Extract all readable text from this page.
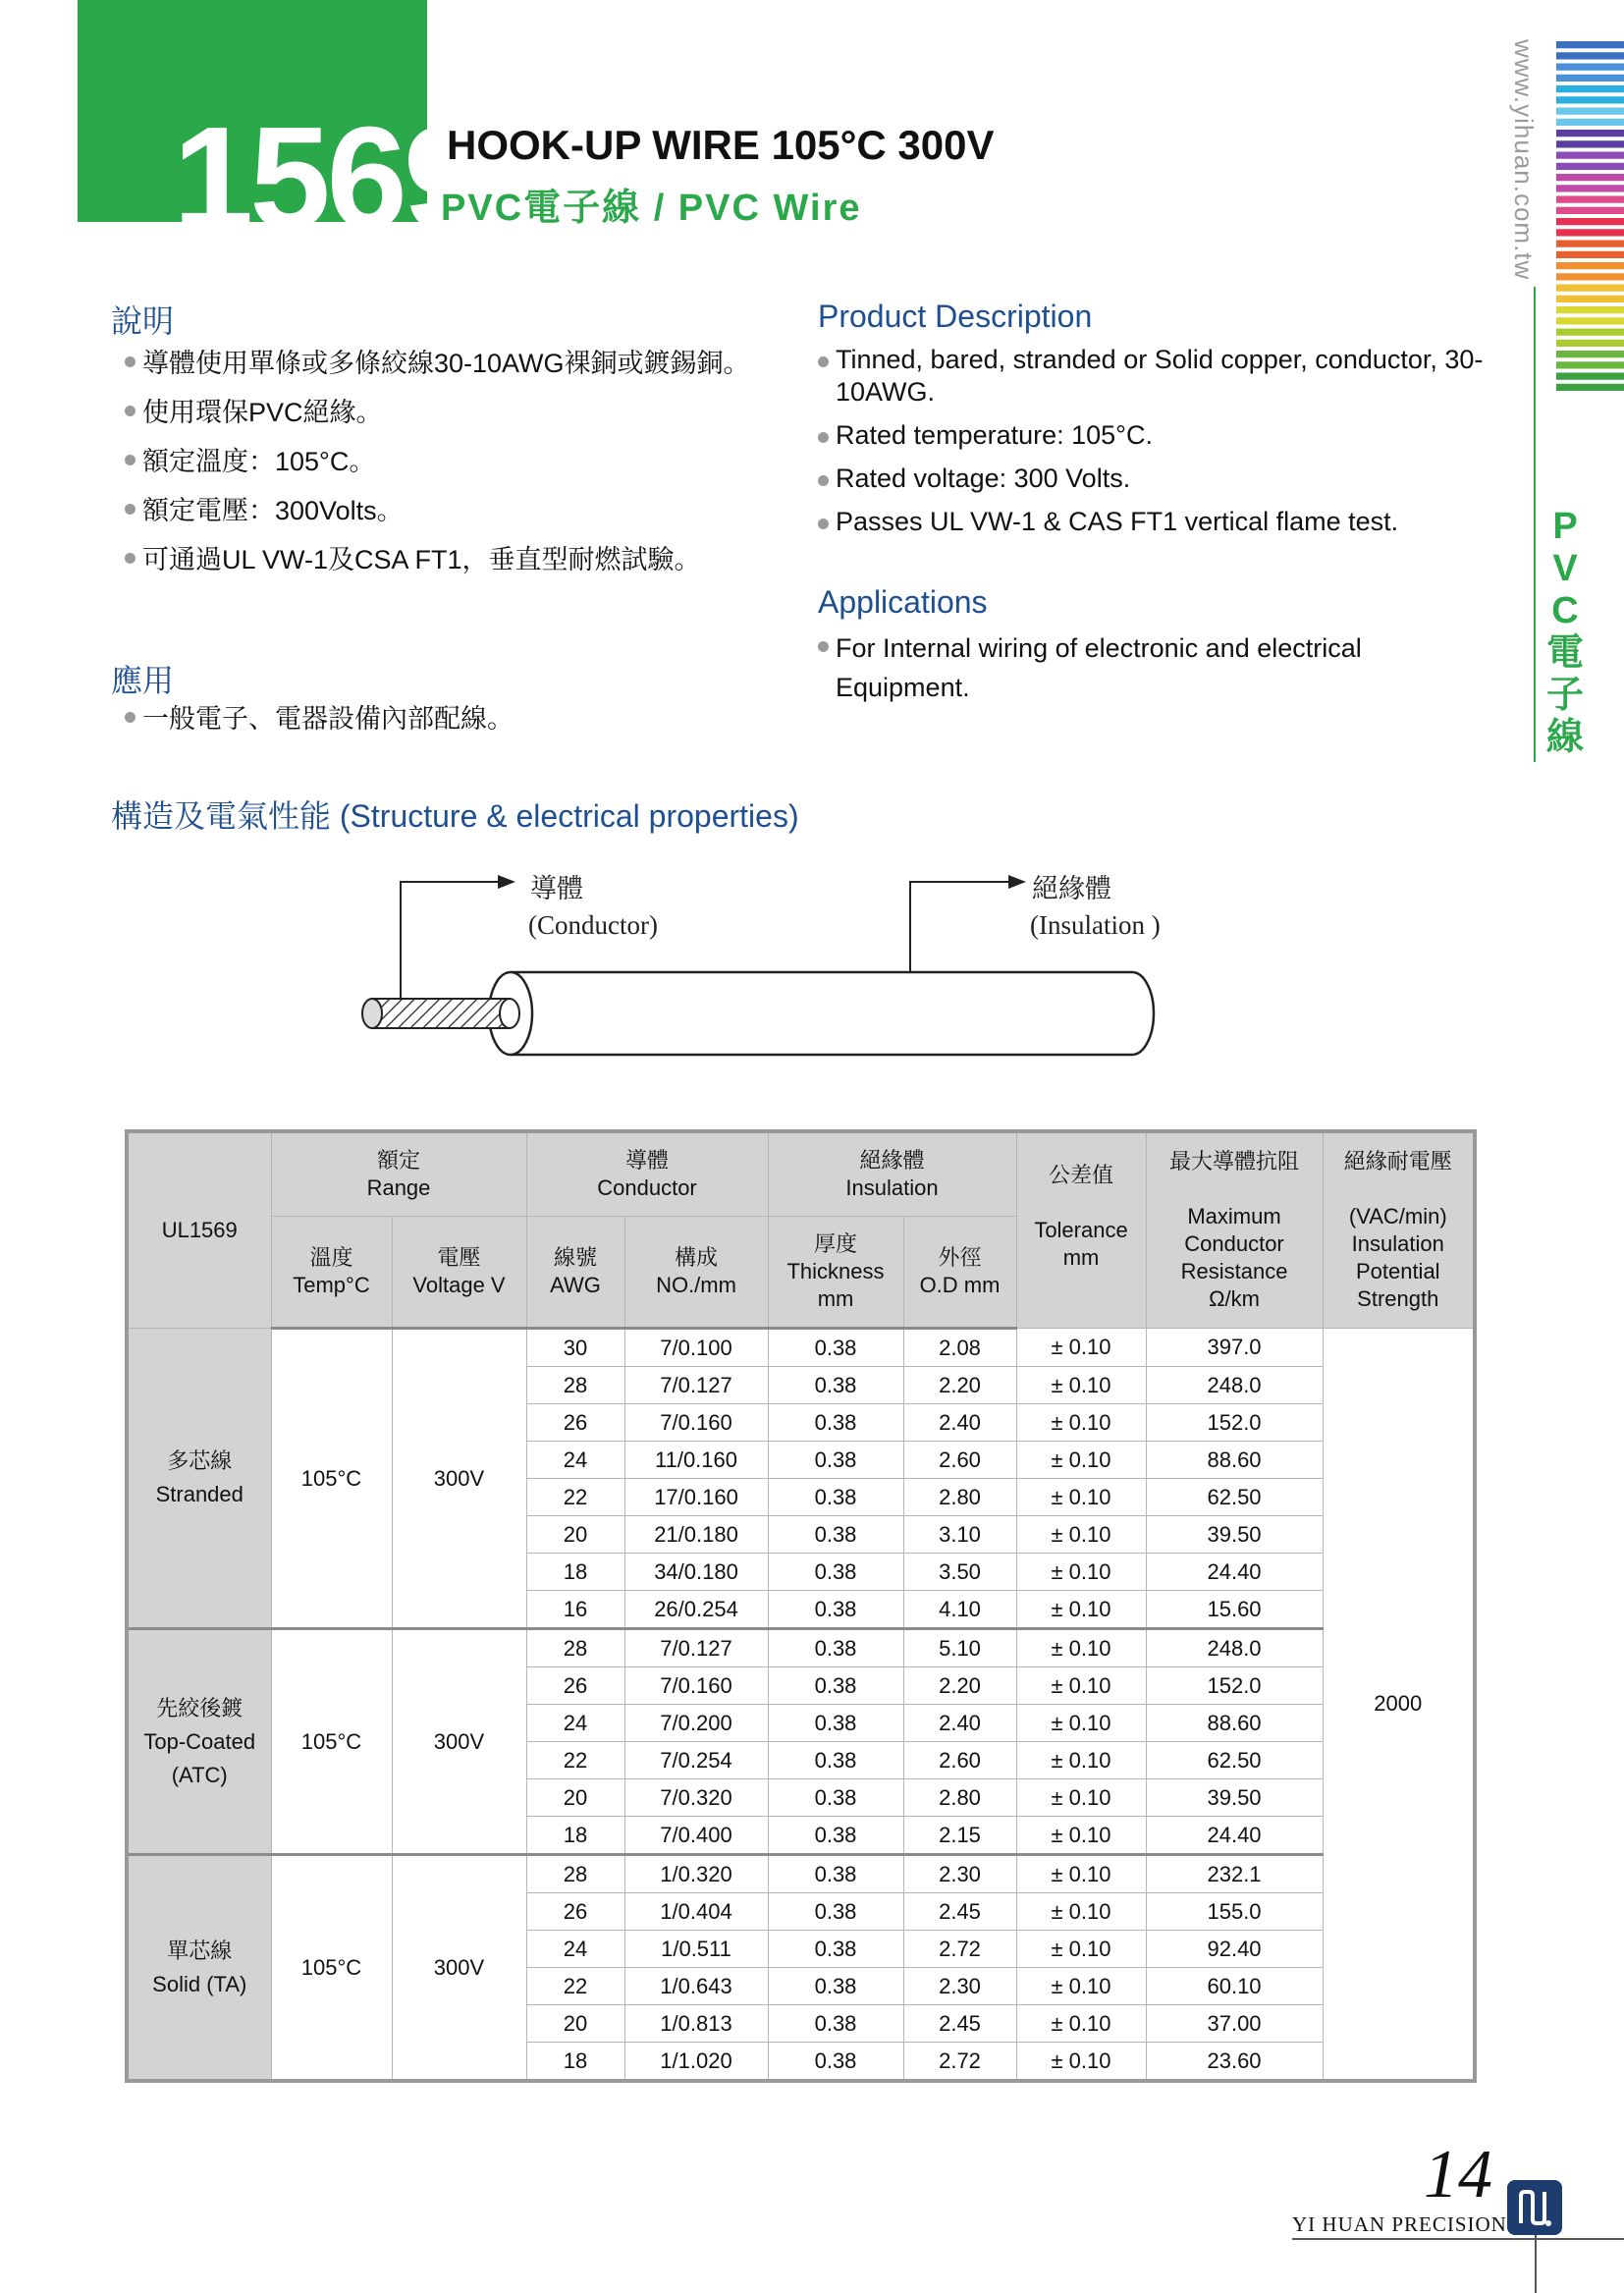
1569
HOOK-UP WIRE 105°C 300V
PVC電子線 / PVC Wire	www.yihuan.com.tw
P
V
C
電
子
線
說明
導體使用單條或多條絞線30-10AWG裸銅或鍍錫銅。
使用環保PVC絕緣。
額定溫度：105°C。
額定電壓：300Volts。
可通過UL VW-1及CSA FT1，垂直型耐燃試驗。
應用
一般電子、電器設備內部配線。
Product Description
Tinned, bared, stranded or Solid copper, conductor, 30-10AWG.
Rated temperature: 105°C.
Rated voltage: 300 Volts.
Passes UL VW-1 & CAS FT1 vertical flame test.
Applications
For Internal wiring of electronic and electrical Equipment.
構造及電氣性能 (Structure & electrical properties)
導體
(Conductor)
絕緣體
(Insulation )
UL1569	額定
Range		導體
Conductor		絕緣體
Insulation		公差值

Tolerance
mm	最大導體抗阻

Maximum
Conductor
Resistance
Ω/km	絕緣耐電壓

(VAC/min)
Insulation
Potential
Strength
	溫度
Temp°C	電壓
Voltage V	線號
AWG	構成
NO./mm	厚度
Thickness
mm	外徑
O.D mm			
多芯線
Stranded	105°C	300V	30	7/0.100	0.38	2.08	± 0.10	397.0	2000
			28	7/0.127	0.38	2.20	± 0.10	248.0	
			26	7/0.160	0.38	2.40	± 0.10	152.0	
			24	11/0.160	0.38	2.60	± 0.10	88.60	
			22	17/0.160	0.38	2.80	± 0.10	62.50	
			20	21/0.180	0.38	3.10	± 0.10	39.50	
			18	34/0.180	0.38	3.50	± 0.10	24.40	
			16	26/0.254	0.38	4.10	± 0.10	15.60	
先絞後鍍
Top-Coated
(ATC)	105°C	300V	28	7/0.127	0.38	5.10	± 0.10	248.0	
			26	7/0.160	0.38	2.20	± 0.10	152.0	
			24	7/0.200	0.38	2.40	± 0.10	88.60	
			22	7/0.254	0.38	2.60	± 0.10	62.50	
			20	7/0.320	0.38	2.80	± 0.10	39.50	
			18	7/0.400	0.38	2.15	± 0.10	24.40	
單芯線
Solid (TA)	105°C	300V	28	1/0.320	0.38	2.30	± 0.10	232.1	
			26	1/0.404	0.38	2.45	± 0.10	155.0	
			24	1/0.511	0.38	2.72	± 0.10	92.40	
			22	1/0.643	0.38	2.30	± 0.10	60.10	
			20	1/0.813	0.38	2.45	± 0.10	37.00	
			18	1/1.020	0.38	2.72	± 0.10	23.60	
14
YI HUAN PRECISION
